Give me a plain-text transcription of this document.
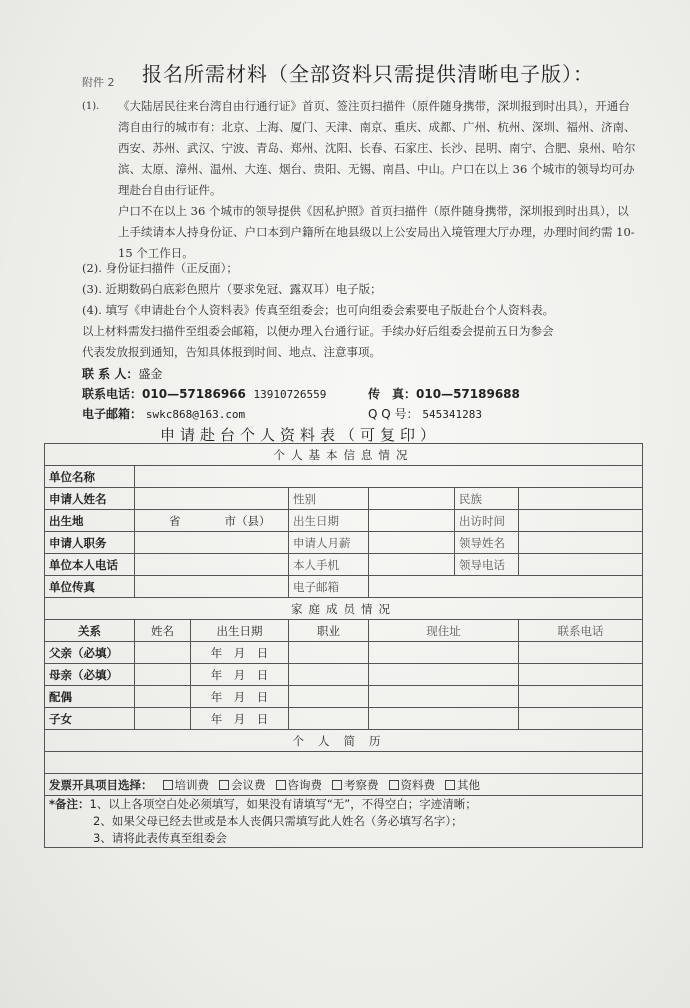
附件 2 报名所需材料（全部资料只需提供清晰电子版）：
(1). 《大陆居民往来台湾自由行通行证》首页、签注页扫描件（原件随身携带，深圳报到时出具），开通台湾自由行的城市有：北京、上海、厦门、天津、南京、重庆、成都、广州、杭州、深圳、福州、济南、西安、苏州、武汉、宁波、青岛、郑州、沈阳、长春、石家庄、长沙、昆明、南宁、合肥、泉州、哈尔滨、太原、漳州、温州、大连、烟台、贵阳、无锡、南昌、中山。户口在以上 36 个城市的领导均可办理赴台自由行证件。
户口不在以上 36 个城市的领导提供《因私护照》首页扫描件（原件随身携带，深圳报到时出具），以上手续请本人持身份证、户口本到户籍所在地县级以上公安局出入境管理大厅办理，办理时间约需 10-15 个工作日。
(2). 身份证扫描件（正反面）；
(3). 近期数码白底彩色照片（要求免冠、露双耳）电子版；
(4). 填写《申请赴台个人资料表》传真至组委会；也可向组委会索要电子版赴台个人资料表。
以上材料需发扫描件至组委会邮箱，以便办理入台通行证。手续办好后组委会提前五日为参会
代表发放报到通知，告知具体报到时间、地点、注意事项。
联 系 人：盛金
联系电话：010—57186966 13910726559	传　真：010—57189688
电子邮箱： swkc868@163.com	Q Q 号： 545341283
申请赴台个人资料表（可复印）
个人基本信息情况						
单位名称						
申请人姓名			性别		民族	
出生地	省 市（县）		出生日期		出访时间	
申请人职务			申请人月薪		领导姓名	
单位本人电话			本人手机		领导电话	
单位传真			电子邮箱			
家庭成员情况						
关系	姓名	出生日期	职业	现住址		联系电话
父亲（必填）		年　月　日				
母亲（必填）		年　月　日				
配偶		年　月　日				
子女		年　月　日				
个人简历						

发票开具项目选择： 培训费 会议费 咨询费 考察费 资料费 其他						
*备注：1、以上各项空白处必须填写，如果没有请填写“无”，不得空白；字迹清晰；
2、如果父母已经去世或是本人丧偶只需填写此人姓名（务必填写名字）；
3、请将此表传真至组委会						
